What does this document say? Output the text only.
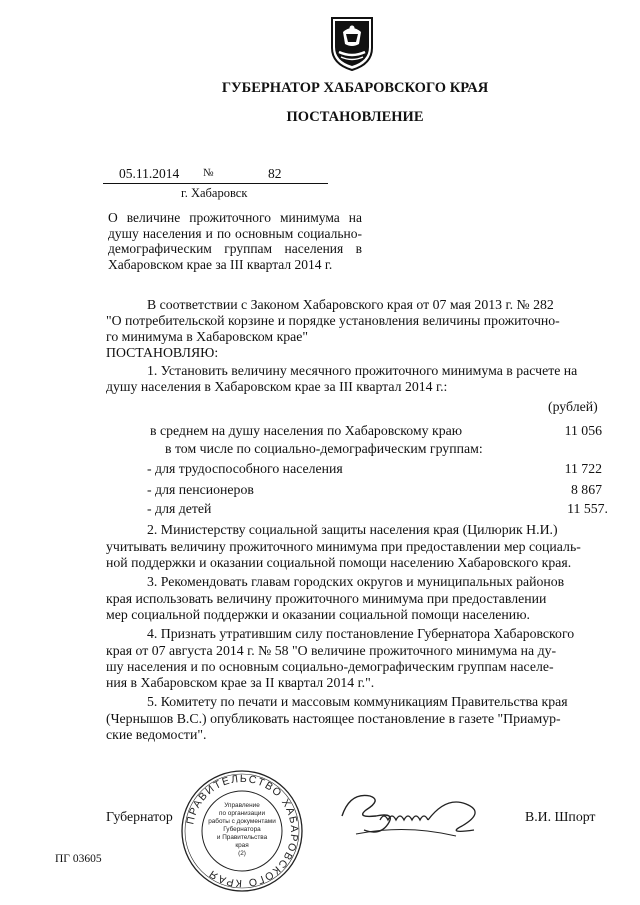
ГУБЕРНАТОР ХАБАРОВСКОГО КРАЯ
ПОСТАНОВЛЕНИЕ
05.11.2014 №	82
г. Хабаровск
О величине прожиточного минимума на душу населения и по основным социально-демографическим группам населения в Хабаровском крае за III квартал 2014 г.
В соответствии с Законом Хабаровского края от 07 мая 2013 г. № 282
"О потребительской корзине и порядке установления величины прожиточно-
го минимума в Хабаровском крае"
ПОСТАНОВЛЯЮ:
1. Установить величину месячного прожиточного минимума в расчете на
душу населения в Хабаровском крае за III квартал 2014 г.:
(рублей)
в среднем на душу населения по Хабаровскому краю	11 056
в том числе по социально-демографическим группам:
- для трудоспособного населения	11 722
- для пенсионеров	8 867
- для детей	11 557.
2. Министерству социальной защиты населения края (Цилюрик Н.И.)
учитывать величину прожиточного минимума при предоставлении мер социаль-
ной поддержки и оказании социальной помощи населению Хабаровского края.
3. Рекомендовать главам городских округов и муниципальных районов
края использовать величину прожиточного минимума при предоставлении
мер социальной поддержки и оказании социальной помощи населению.
4. Признать утратившим силу постановление Губернатора Хабаровского
края от 07 августа 2014 г. № 58 "О величине прожиточного минимума на ду-
шу населения и по основным социально-демографическим группам населе-
ния в Хабаровском крае за II квартал 2014 г.".
5. Комитету по печати и массовым коммуникациям Правительства края
(Чернышов В.С.) опубликовать настоящее постановление в газете "Приамур-
ские ведомости".
Губернатор	В.И. Шпорт
ПГ 03605
ПРАВИТЕЛЬСТВО ХАБАРОВСКОГО КРАЯ
Управление
по организации
работы с документами
Губернатора
и Правительства
края
(2)
